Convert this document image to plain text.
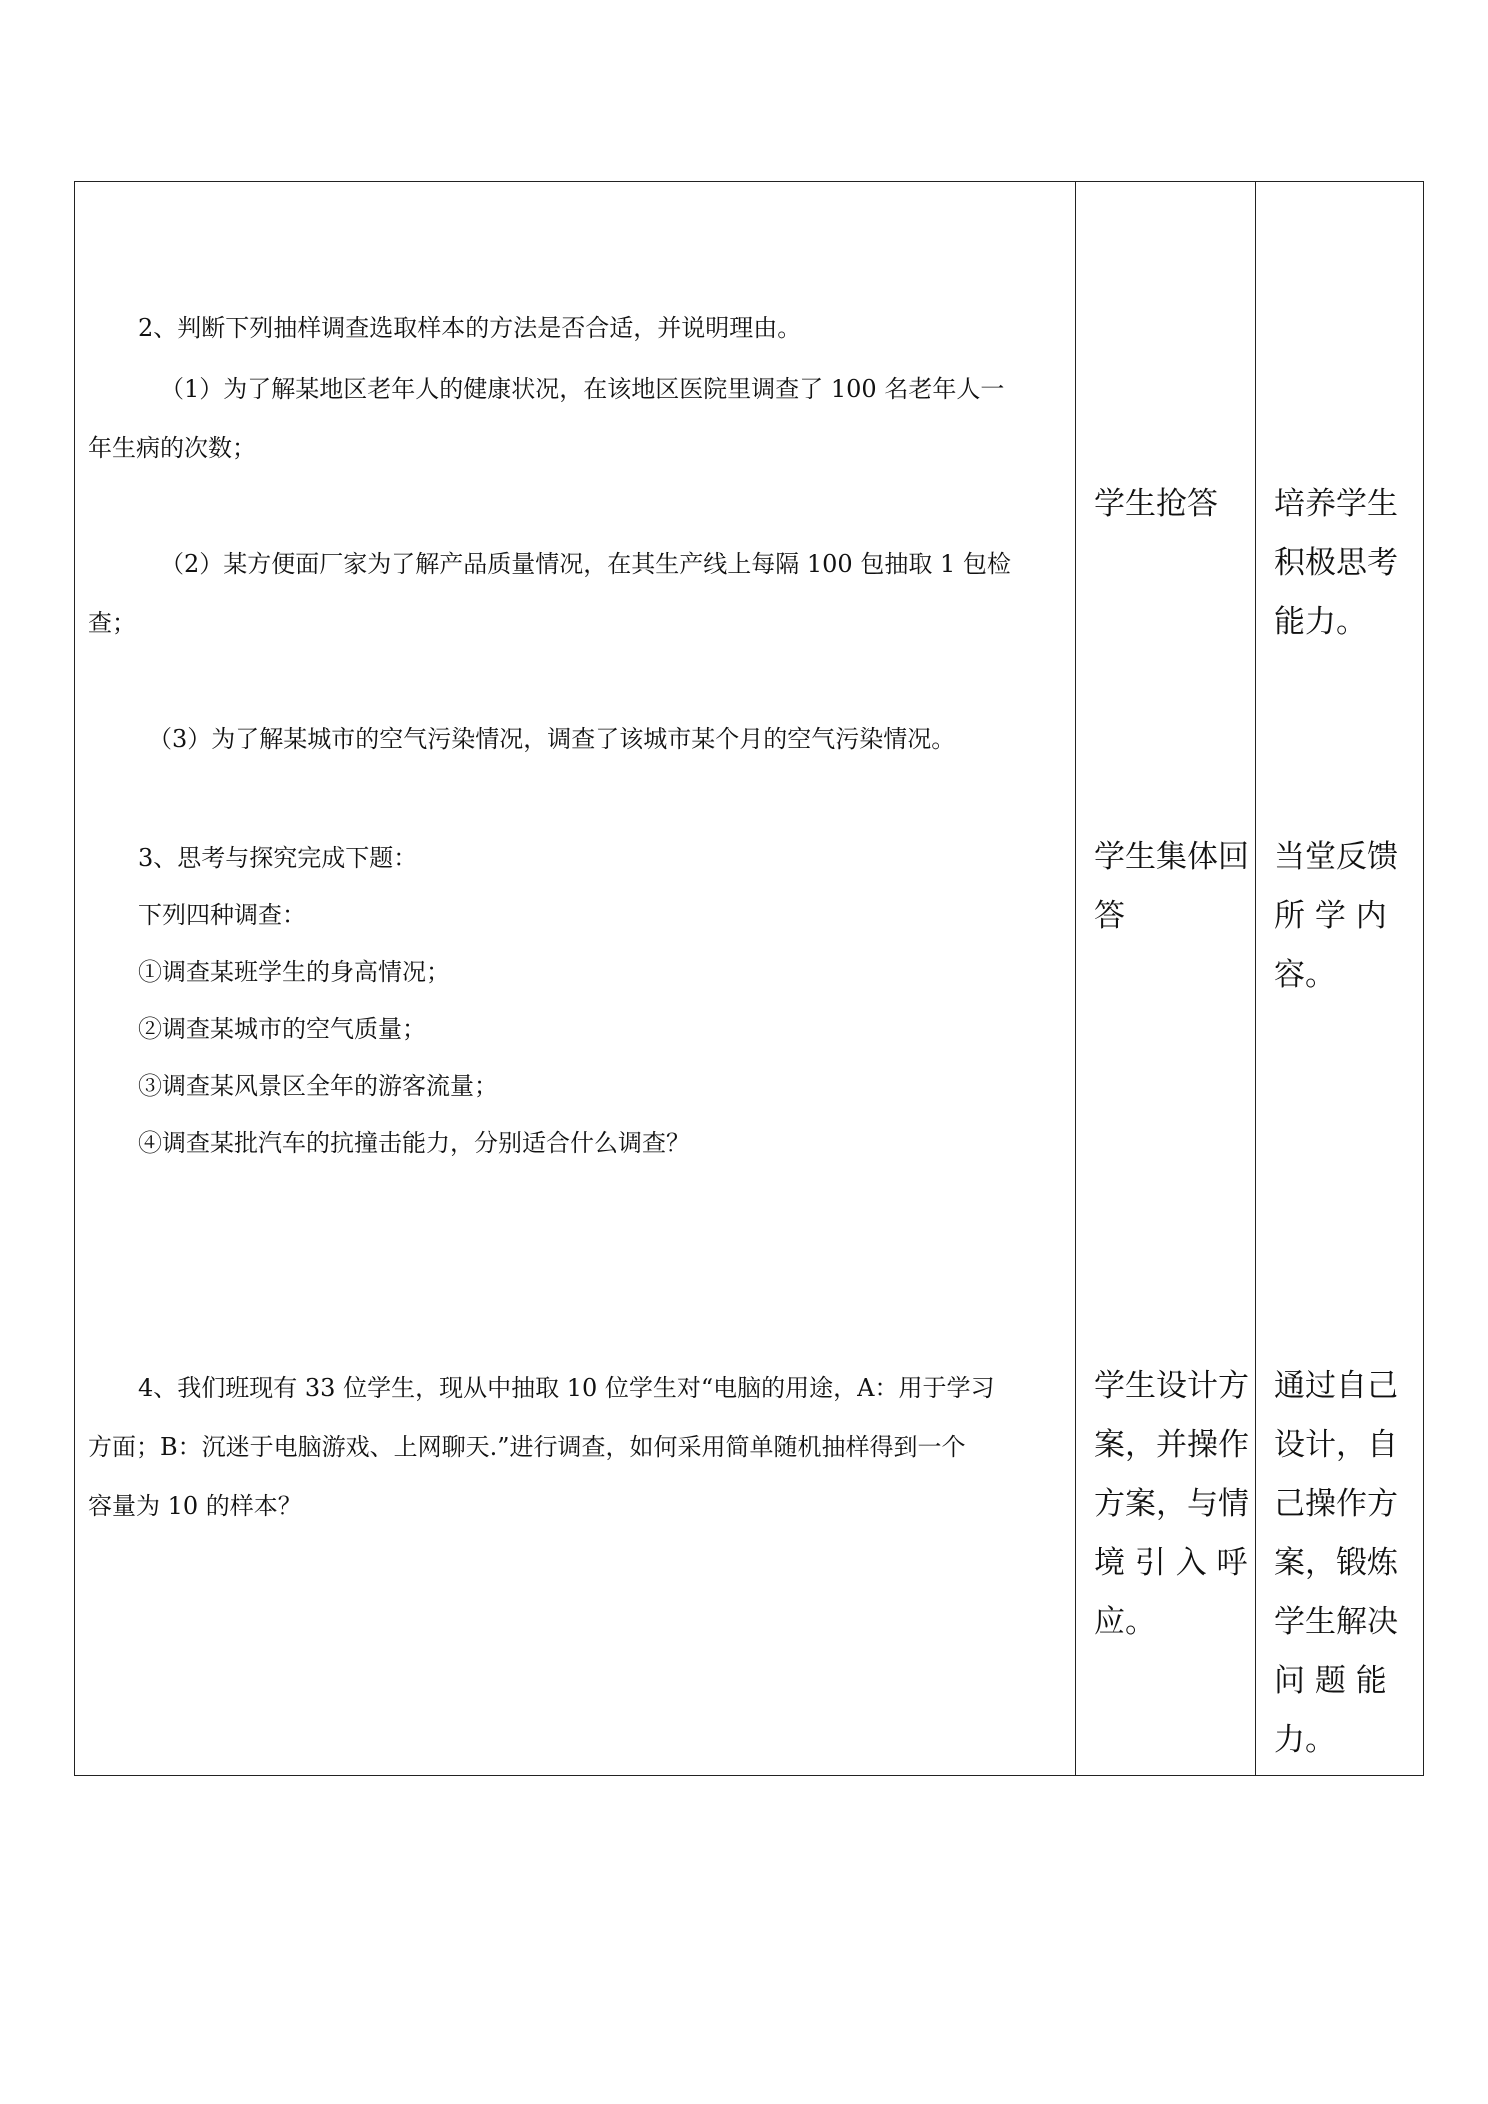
2、判断下列抽样调查选取样本的方法是否合适，并说明理由。
（1）为了解某地区老年人的健康状况，在该地区医院里调查了 100 名老年人一
年生病的次数；
（2）某方便面厂家为了解产品质量情况，在其生产线上每隔 100 包抽取 1 包检
查；
（3）为了解某城市的空气污染情况，调查了该城市某个月的空气污染情况。
3、思考与探究完成下题：
下列四种调查：
①调查某班学生的身高情况；
②调查某城市的空气质量；
③调查某风景区全年的游客流量；
④调查某批汽车的抗撞击能力，分别适合什么调查？
4、我们班现有 33 位学生，现从中抽取 10 位学生对“电脑的用途，A：用于学习
方面；B：沉迷于电脑游戏、上网聊天.”进行调查，如何采用简单随机抽样得到一个
容量为 10 的样本？
学生抢答
学生集体回
答
学生设计方
案，并操作
方案，与情
境 引 入 呼
应。
培养学生
积极思考
能力。
当堂反馈
所 学 内
容。
通过自己
设计，自
己操作方
案，锻炼
学生解决
问 题 能
力。
